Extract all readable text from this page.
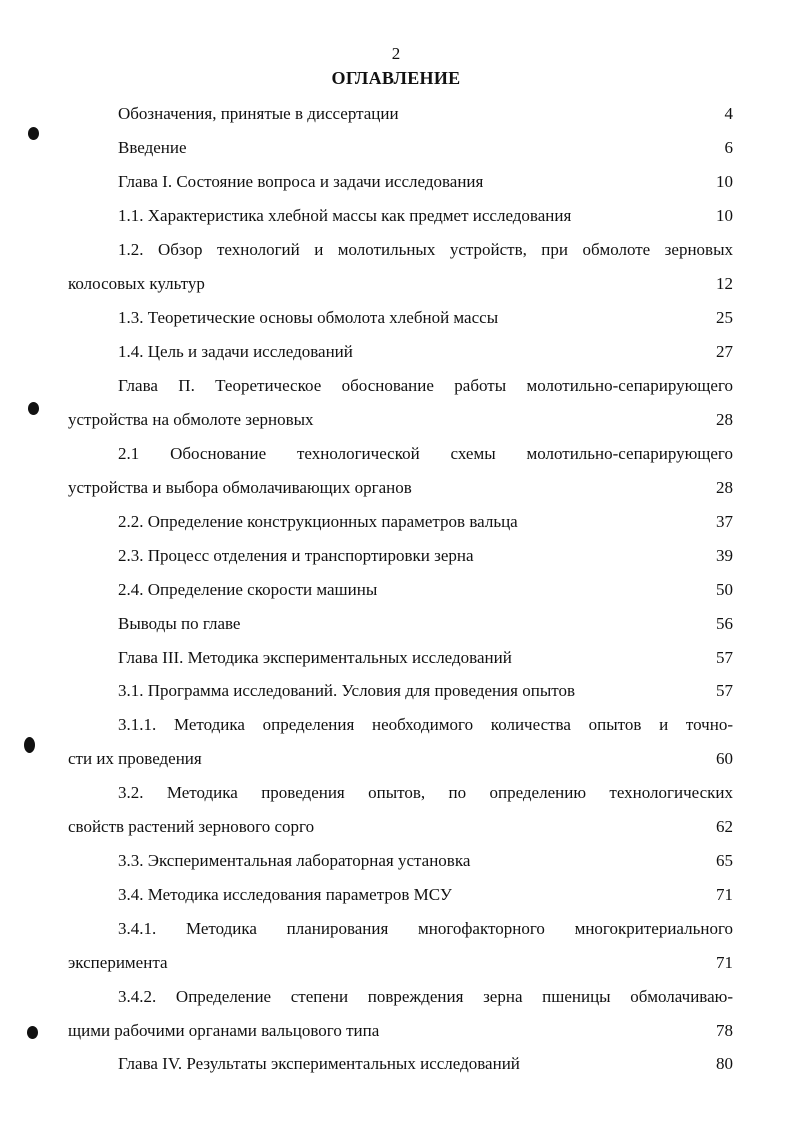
2
ОГЛАВЛЕНИЕ
Обозначения, принятые в диссертации	4
Введение	6
Глава I. Состояние вопроса и задачи исследования	10
1.1. Характеристика хлебной массы как предмет исследования	10
1.2. Обзор технологий и молотильных устройств, при обмолоте зерновых
колосовых культур	12
1.3. Теоретические основы обмолота хлебной массы	25
1.4. Цель и задачи исследований	27
Глава П. Теоретическое обоснование работы молотильно-сепарирующего
устройства на обмолоте зерновых	28
2.1 Обоснование технологической схемы молотильно-сепарирующего
устройства и выбора обмолачивающих органов	28
2.2. Определение конструкционных параметров вальца	37
2.3. Процесс отделения и транспортировки зерна	39
2.4. Определение скорости машины	50
Выводы по главе	56
Глава III. Методика экспериментальных исследований	57
3.1. Программа исследований. Условия для проведения опытов	57
3.1.1. Методика определения необходимого количества опытов и точно-
сти их проведения	60
3.2. Методика проведения опытов, по определению технологических
свойств растений зернового сорго	62
3.3. Экспериментальная лабораторная установка	65
3.4. Методика исследования параметров МСУ	71
3.4.1. Методика планирования многофакторного многокритериального
эксперимента	71
3.4.2. Определение степени повреждения зерна пшеницы обмолачиваю-
щими рабочими органами вальцового типа	78
Глава IV. Результаты экспериментальных исследований	80
